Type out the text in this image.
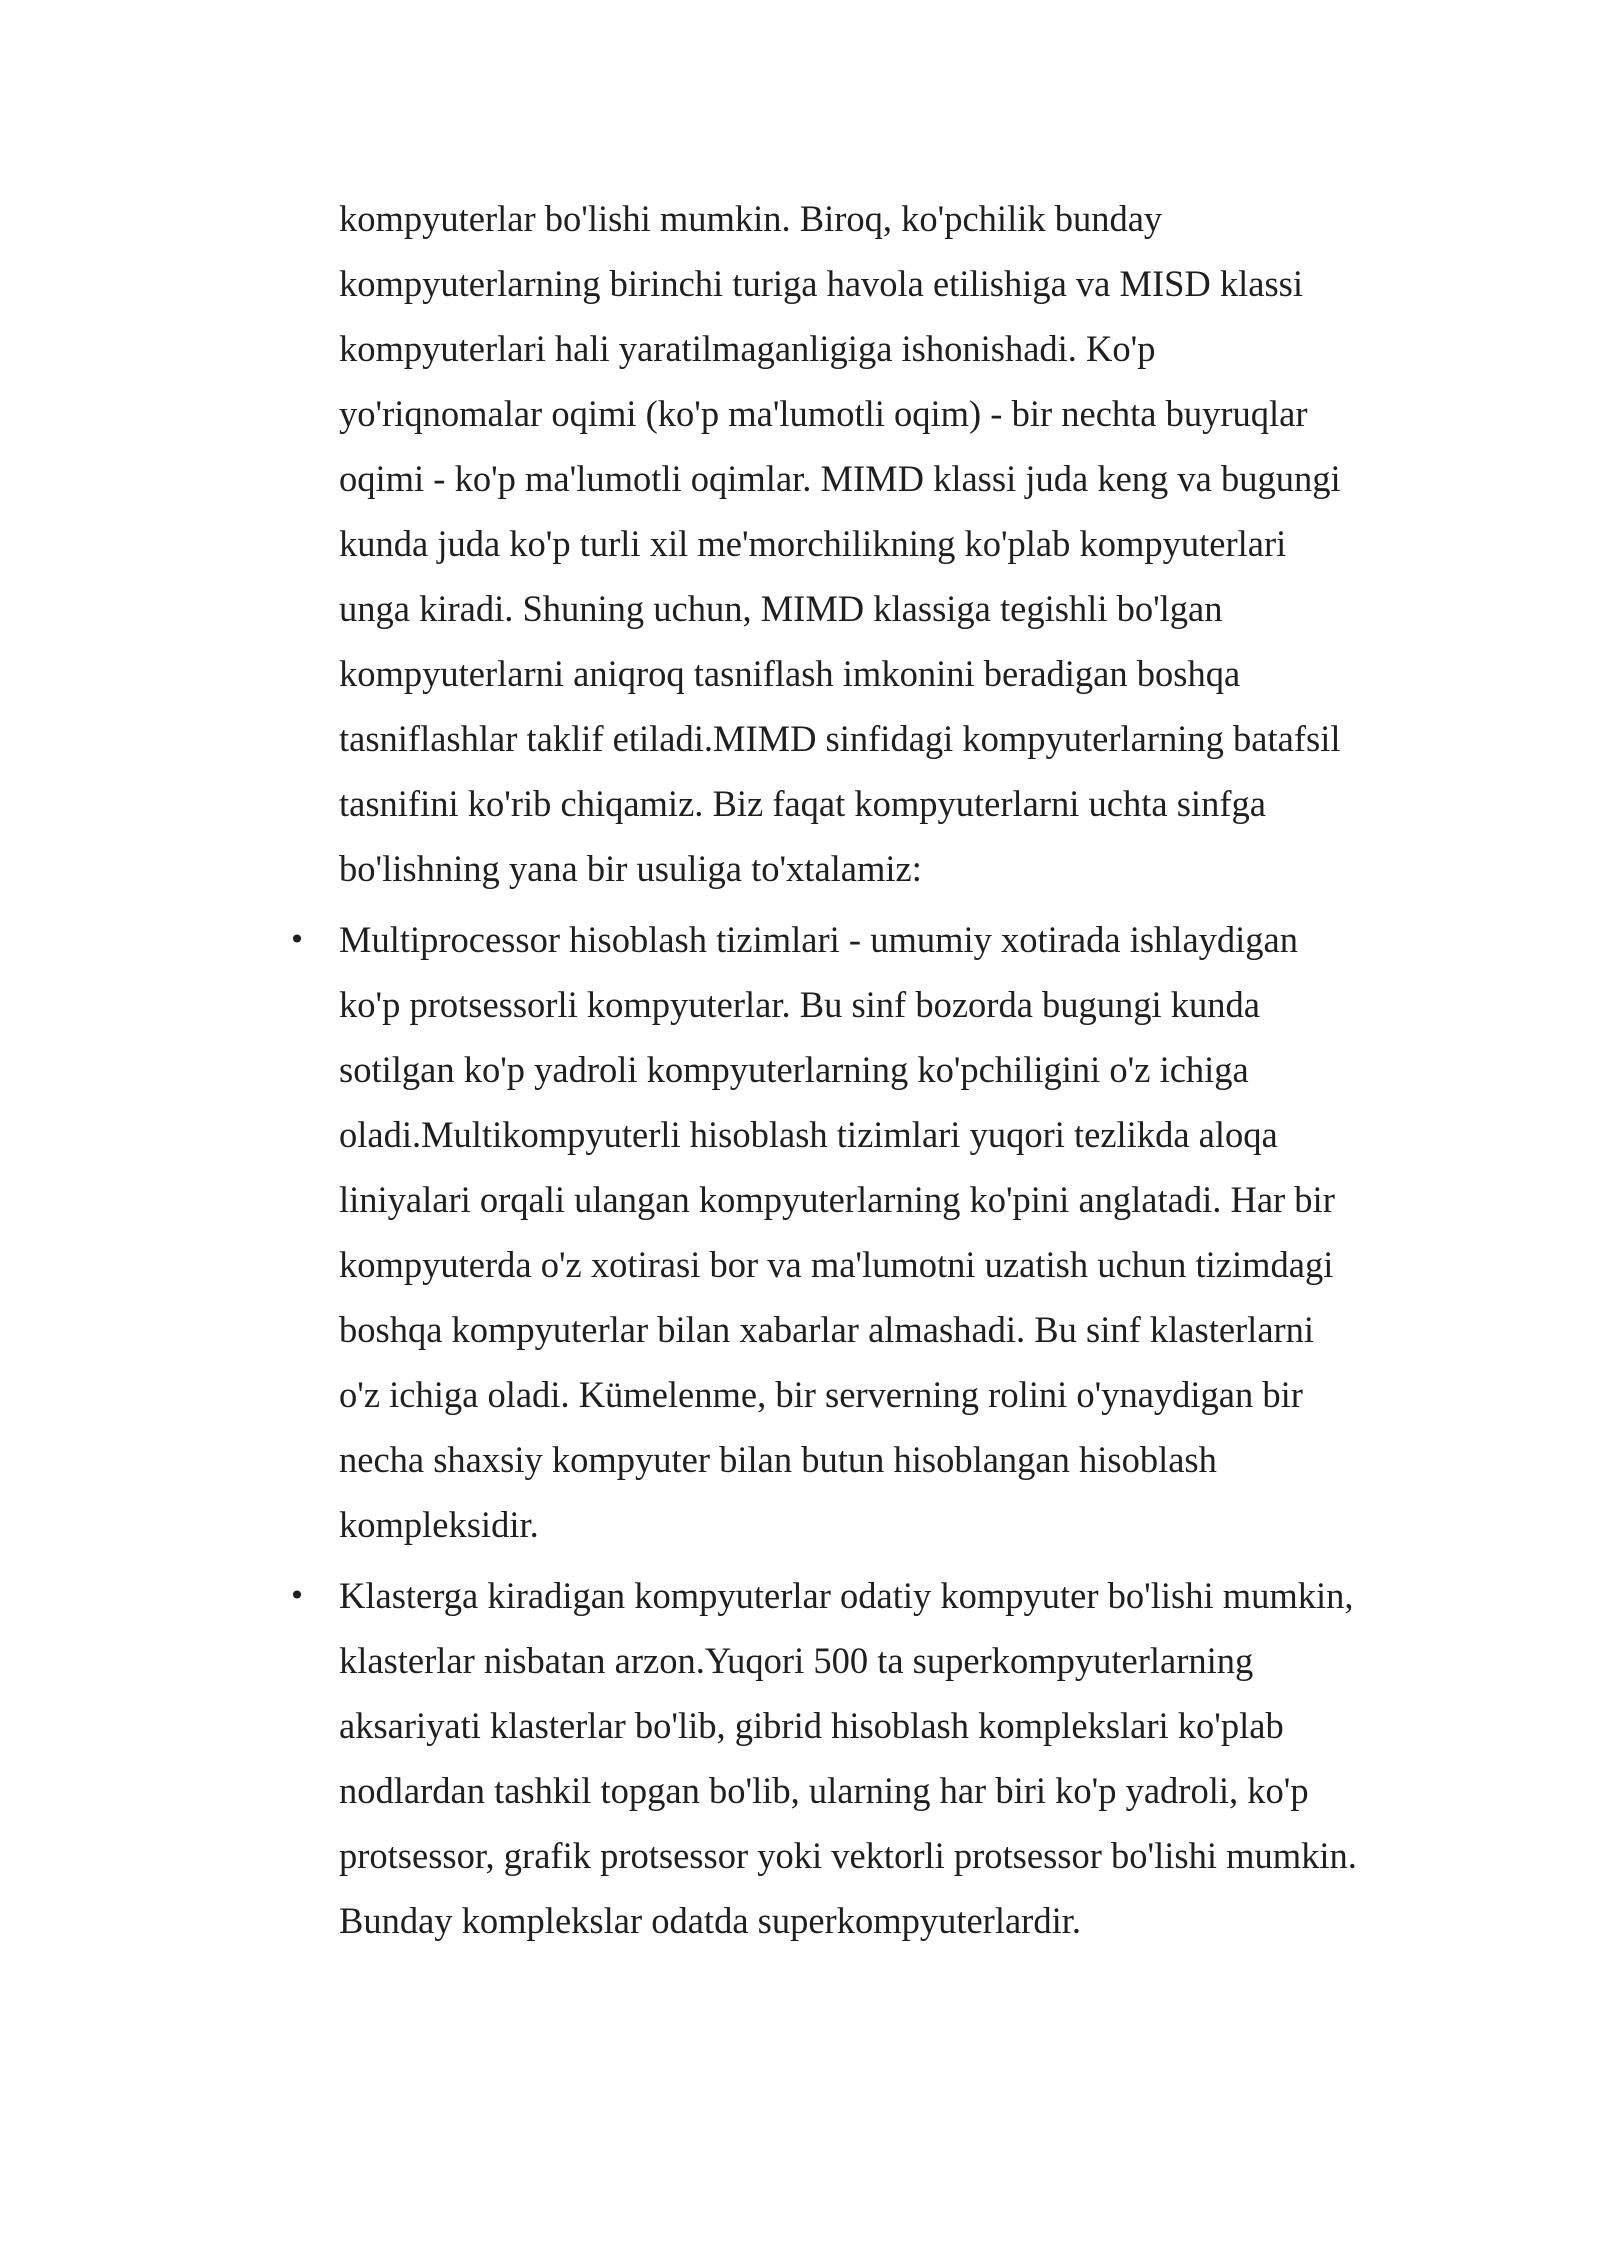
kompyuterlar bo'lishi mumkin. Biroq, ko'pchilik bunday kompyuterlarning birinchi turiga havola etilishiga va MISD klassi kompyuterlari hali yaratilmaganligiga ishonishadi. Ko'p yo'riqnomalar oqimi (ko'p ma'lumotli oqim) - bir nechta buyruqlar oqimi - ko'p ma'lumotli oqimlar. MIMD klassi juda keng va bugungi kunda juda ko'p turli xil me'morchilikning ko'plab kompyuterlari unga kiradi. Shuning uchun, MIMD klassiga tegishli bo'lgan kompyuterlarni aniqroq tasniflash imkonini beradigan boshqa tasniflashlar taklif etiladi.MIMD sinfidagi kompyuterlarning batafsil tasnifini ko'rib chiqamiz. Biz faqat kompyuterlarni uchta sinfga bo'lishning yana bir usuliga to'xtalamiz:

• Multiprocessor hisoblash tizimlari - umumiy xotirada ishlaydigan ko'p protsessorli kompyuterlar. Bu sinf bozorda bugungi kunda sotilgan ko'p yadroli kompyuterlarning ko'pchiligini o'z ichiga oladi.Multikompyuterli hisoblash tizimlari yuqori tezlikda aloqa liniyalari orqali ulangan kompyuterlarning ko'pini anglatadi. Har bir kompyuterda o'z xotirasi bor va ma'lumotni uzatish uchun tizimdagi boshqa kompyuterlar bilan xabarlar almashadi. Bu sinf klasterlarni o'z ichiga oladi. Kümelenme, bir serverning rolini o'ynaydigan bir necha shaxsiy kompyuter bilan butun hisoblangan hisoblash kompleksidir.
• Klasterga kiradigan kompyuterlar odatiy kompyuter bo'lishi mumkin, klasterlar nisbatan arzon.Yuqori 500 ta superkompyuterlarning aksariyati klasterlar bo'lib, gibrid hisoblash komplekslari ko'plab nodlardan tashkil topgan bo'lib, ularning har biri ko'p yadroli, ko'p protsessor, grafik protsessor yoki vektorli protsessor bo'lishi mumkin. Bunday komplekslar odatda superkompyuterlardir.
